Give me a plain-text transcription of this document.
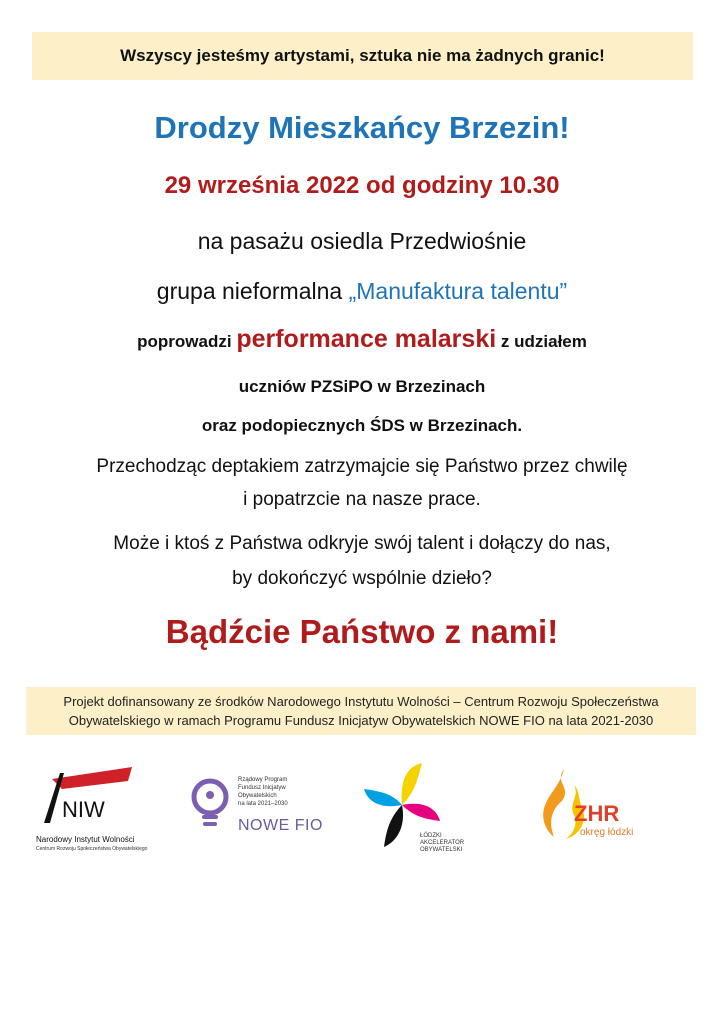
Wszyscy jesteśmy artystami, sztuka nie ma żadnych granic!
Drodzy Mieszkańcy Brzezin!
29 września 2022 od godziny 10.30
na pasażu osiedla Przedwiośnie
grupa nieformalna „Manufaktura talentu”
poprowadzi performance malarski z udziałem
uczniów PZSiPO w Brzezinach
oraz podopiecznych ŚDS w Brzezinach.
Przechodząc deptakiem zatrzymajcie się Państwo przez chwilę
i popatrzcie na nasze prace.
Może i ktoś z Państwa odkryje swój talent i dołączy do nas,
by dokończyć wspólnie dzieło?
Bądźcie Państwo z nami!
Projekt dofinansowany ze środków Narodowego Instytutu Wolności – Centrum Rozwoju Społeczeństwa
Obywatelskiego w ramach Programu Fundusz Inicjatyw Obywatelskich NOWE FIO na lata 2021-2030
NIW
Narodowy Instytut Wolności
Centrum Rozwoju Społeczeństwa Obywatelskiego
Rządowy Program
Fundusz Inicjatyw
Obywatelskich
na lata 2021–2030
NOWE FIO
ŁÓDZKI
AKCELERATOR
OBYWATELSKI
ZHR
okręg łódzki
